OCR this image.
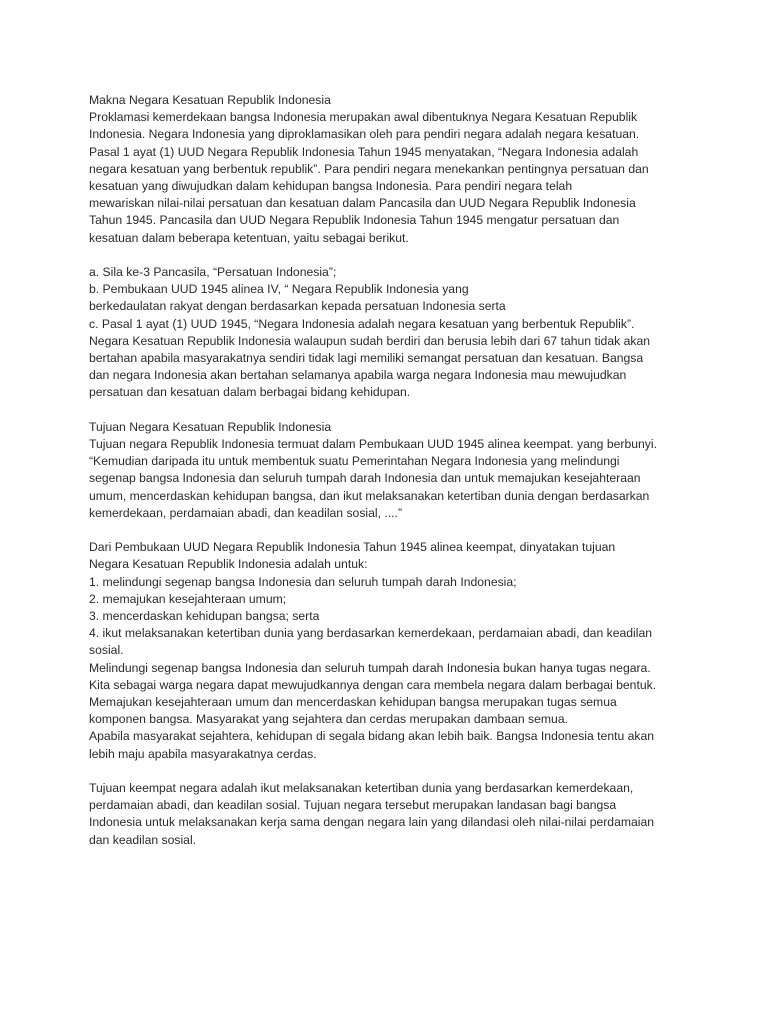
Makna Negara Kesatuan Republik Indonesia
Proklamasi kemerdekaan bangsa Indonesia merupakan awal dibentuknya Negara Kesatuan Republik
Indonesia. Negara Indonesia yang diproklamasikan oleh para pendiri negara adalah negara kesatuan.
Pasal 1 ayat (1) UUD Negara Republik Indonesia Tahun 1945 menyatakan, “Negara Indonesia adalah
negara kesatuan yang berbentuk republik”. Para pendiri negara menekankan pentingnya persatuan dan
kesatuan yang diwujudkan dalam kehidupan bangsa Indonesia. Para pendiri negara telah
mewariskan nilai-nilai persatuan dan kesatuan dalam Pancasila dan UUD Negara Republik Indonesia
Tahun 1945. Pancasila dan UUD Negara Republik Indonesia Tahun 1945 mengatur persatuan dan
kesatuan dalam beberapa ketentuan, yaitu sebagai berikut.
a. Sila ke-3 Pancasila, “Persatuan Indonesia”;
b. Pembukaan UUD 1945 alinea IV, “ Negara Republik Indonesia yang
berkedaulatan rakyat dengan berdasarkan kepada persatuan Indonesia serta
c. Pasal 1 ayat (1) UUD 1945, “Negara Indonesia adalah negara kesatuan yang berbentuk Republik”.
Negara Kesatuan Republik Indonesia walaupun sudah berdiri dan berusia lebih dari 67 tahun tidak akan
bertahan apabila masyarakatnya sendiri tidak lagi memiliki semangat persatuan dan kesatuan. Bangsa
dan negara Indonesia akan bertahan selamanya apabila warga negara Indonesia mau mewujudkan
persatuan dan kesatuan dalam berbagai bidang kehidupan.
Tujuan Negara Kesatuan Republik Indonesia
Tujuan negara Republik Indonesia termuat dalam Pembukaan UUD 1945 alinea keempat. yang berbunyi.
“Kemudian daripada itu untuk membentuk suatu Pemerintahan Negara Indonesia yang melindungi
segenap bangsa Indonesia dan seluruh tumpah darah Indonesia dan untuk memajukan kesejahteraan
umum, mencerdaskan kehidupan bangsa, dan ikut melaksanakan ketertiban dunia dengan berdasarkan
kemerdekaan, perdamaian abadi, dan keadilan sosial, ....”
Dari Pembukaan UUD Negara Republik Indonesia Tahun 1945 alinea keempat, dinyatakan tujuan
Negara Kesatuan Republik Indonesia adalah untuk:
1. melindungi segenap bangsa Indonesia dan seluruh tumpah darah Indonesia;
2. memajukan kesejahteraan umum;
3. mencerdaskan kehidupan bangsa; serta
4. ikut melaksanakan ketertiban dunia yang berdasarkan kemerdekaan, perdamaian abadi, dan keadilan
sosial.
Melindungi segenap bangsa Indonesia dan seluruh tumpah darah Indonesia bukan hanya tugas negara.
Kita sebagai warga negara dapat mewujudkannya dengan cara membela negara dalam berbagai bentuk.
Memajukan kesejahteraan umum dan mencerdaskan kehidupan bangsa merupakan tugas semua
komponen bangsa. Masyarakat yang sejahtera dan cerdas merupakan dambaan semua.
Apabila masyarakat sejahtera, kehidupan di segala bidang akan lebih baik. Bangsa Indonesia tentu akan
lebih maju apabila masyarakatnya cerdas.
Tujuan keempat negara adalah ikut melaksanakan ketertiban dunia yang berdasarkan kemerdekaan,
perdamaian abadi, dan keadilan sosial. Tujuan negara tersebut merupakan landasan bagi bangsa
Indonesia untuk melaksanakan kerja sama dengan negara lain yang dilandasi oleh nilai-nilai perdamaian
dan keadilan sosial.
